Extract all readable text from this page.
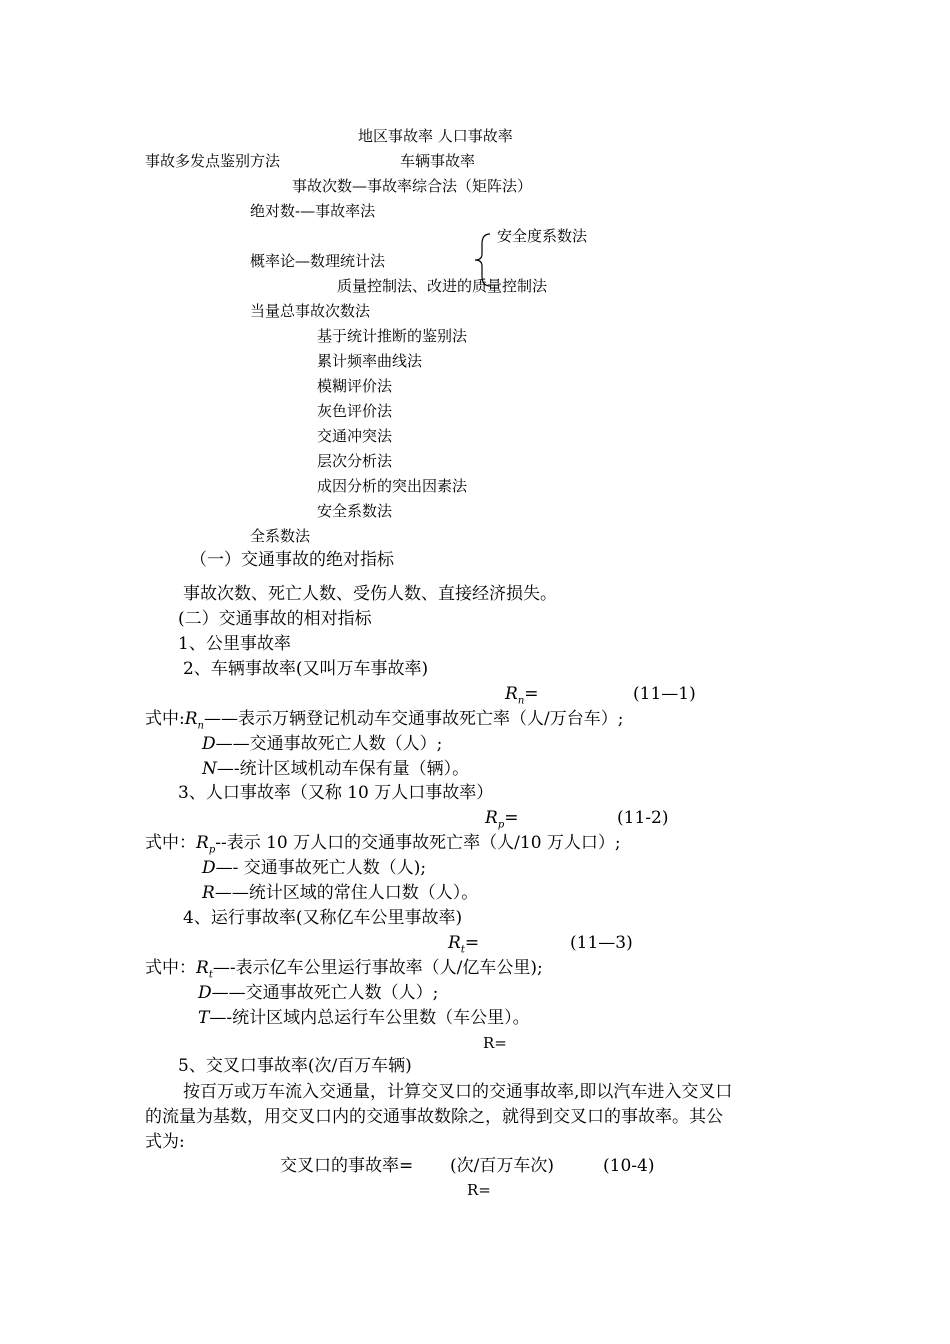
地区事故率 人口事故率
事故多发点鉴别方法	车辆事故率
事故次数—事故率综合法（矩阵法）
绝对数-—事故率法
安全度系数法
概率论—数理统计法
质量控制法、改进的质量控制法
当量总事故次数法
基于统计推断的鉴别法
累计频率曲线法
模糊评价法
灰色评价法
交通冲突法
层次分析法
成因分析的突出因素法
安全系数法
全系数法
（一）交通事故的绝对指标
事故次数、死亡人数、受伤人数、直接经济损失。
(二）交通事故的相对指标
1、公里事故率
2、车辆事故率(又叫万车事故率)
$R_n=$	(11—1)
式中$:R_n——$表示万辆登记机动车交通事故死亡率（人/万台车）;
D——交通事故死亡人数（人）;
N—-统计区域机动车保有量（辆）。
3、人口事故率（又称 10 万人口事故率）
$R_p=$	(11-2)
式中：$R_p--$表示 10 万人口的交通事故死亡率（人/10 万人口）;
D—- 交通事故死亡人数（人);
R——统计区域的常住人口数（人）。
4、运行事故率(又称亿车公里事故率)
$R_t=$	(11—3)
式中：$R_t—-$表示亿车公里运行事故率（人/亿车公里);
D——交通事故死亡人数（人）;
T—-统计区域内总运行车公里数（车公里）。
R=
5、交叉口事故率(次/百万车辆)
按百万或万车流入交通量，计算交叉口的交通事故率,即以汽车进入交叉口
的流量为基数，用交叉口内的交通事故数除之，就得到交叉口的事故率。其公
式为:
交叉口的事故率= (次/百万车次)	(10-4)
R=
